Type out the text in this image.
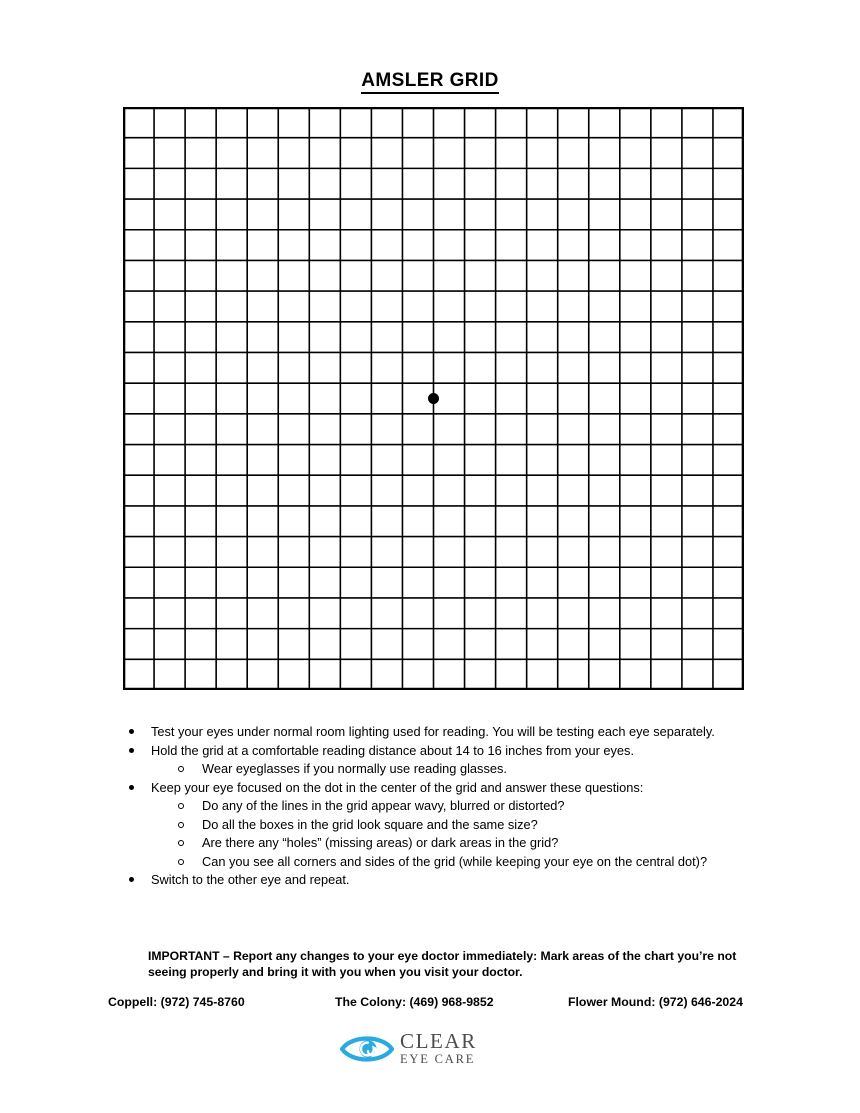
AMSLER GRID
Test your eyes under normal room lighting used for reading. You will be testing each eye separately.
Hold the grid at a comfortable reading distance about 14 to 16 inches from your eyes.
Wear eyeglasses if you normally use reading glasses.
Keep your eye focused on the dot in the center of the grid and answer these questions:
Do any of the lines in the grid appear wavy, blurred or distorted?
Do all the boxes in the grid look square and the same size?
Are there any “holes” (missing areas) or dark areas in the grid?
Can you see all corners and sides of the grid (while keeping your eye on the central dot)?
Switch to the other eye and repeat.
IMPORTANT – Report any changes to your eye doctor immediately: Mark areas of the chart you’re not seeing properly and bring it with you when you visit your doctor.
Coppell: (972) 745-8760	The Colony: (469) 968-9852	Flower Mound: (972) 646-2024
CLEAR
EYE CARE
